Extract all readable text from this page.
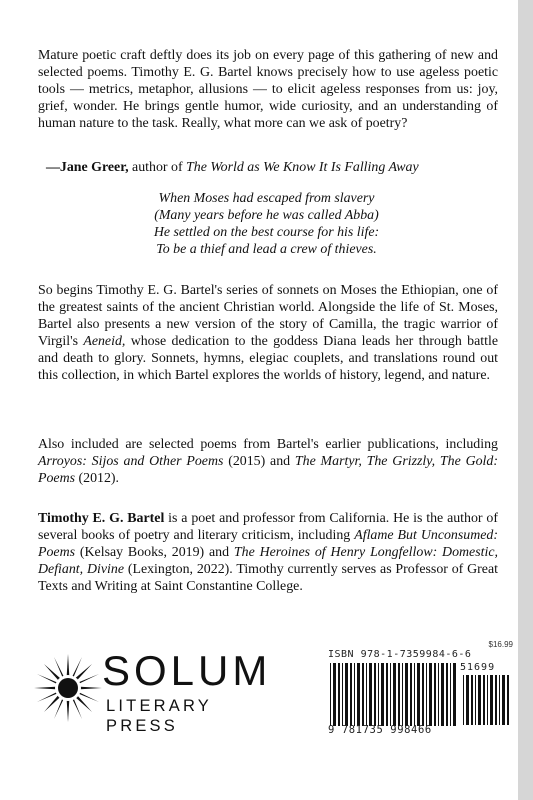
Mature poetic craft deftly does its job on every page of this gathering of new and selected poems. Timothy E. G. Bartel knows precisely how to use ageless poetic tools — metrics, metaphor, allusions — to elicit ageless responses from us: joy, grief, wonder. He brings gentle humor, wide curiosity, and an understanding of human nature to the task. Really, what more can we ask of poetry?

—Jane Greer, author of The World as We Know It Is Falling Away
When Moses had escaped from slavery
(Many years before he was called Abba)
He settled on the best course for his life:
To be a thief and lead a crew of thieves.

So begins Timothy E. G. Bartel's series of sonnets on Moses the Ethiopian, one of the greatest saints of the ancient Christian world. Alongside the life of St. Moses, Bartel also presents a new version of the story of Camilla, the tragic warrior of Virgil's Aeneid, whose dedication to the goddess Diana leads her through battle and death to glory. Sonnets, hymns, elegiac couplets, and translations round out this collection, in which Bartel explores the worlds of history, legend, and nature.

Also included are selected poems from Bartel's earlier publications, including Arroyos: Sijos and Other Poems (2015) and The Martyr, The Grizzly, The Gold: Poems (2012).

Timothy E. G. Bartel is a poet and professor from California. He is the author of several books of poetry and literary criticism, including Aflame But Unconsumed: Poems (Kelsay Books, 2019) and The Heroines of Henry Longfellow: Domestic, Defiant, Divine (Lexington, 2022). Timothy currently serves as Professor of Great Texts and Writing at Saint Constantine College.

SOLUM
LITERARY PRESS
$16.99
ISBN 978-1-7359984-6-6
51699
9 781735 998466
